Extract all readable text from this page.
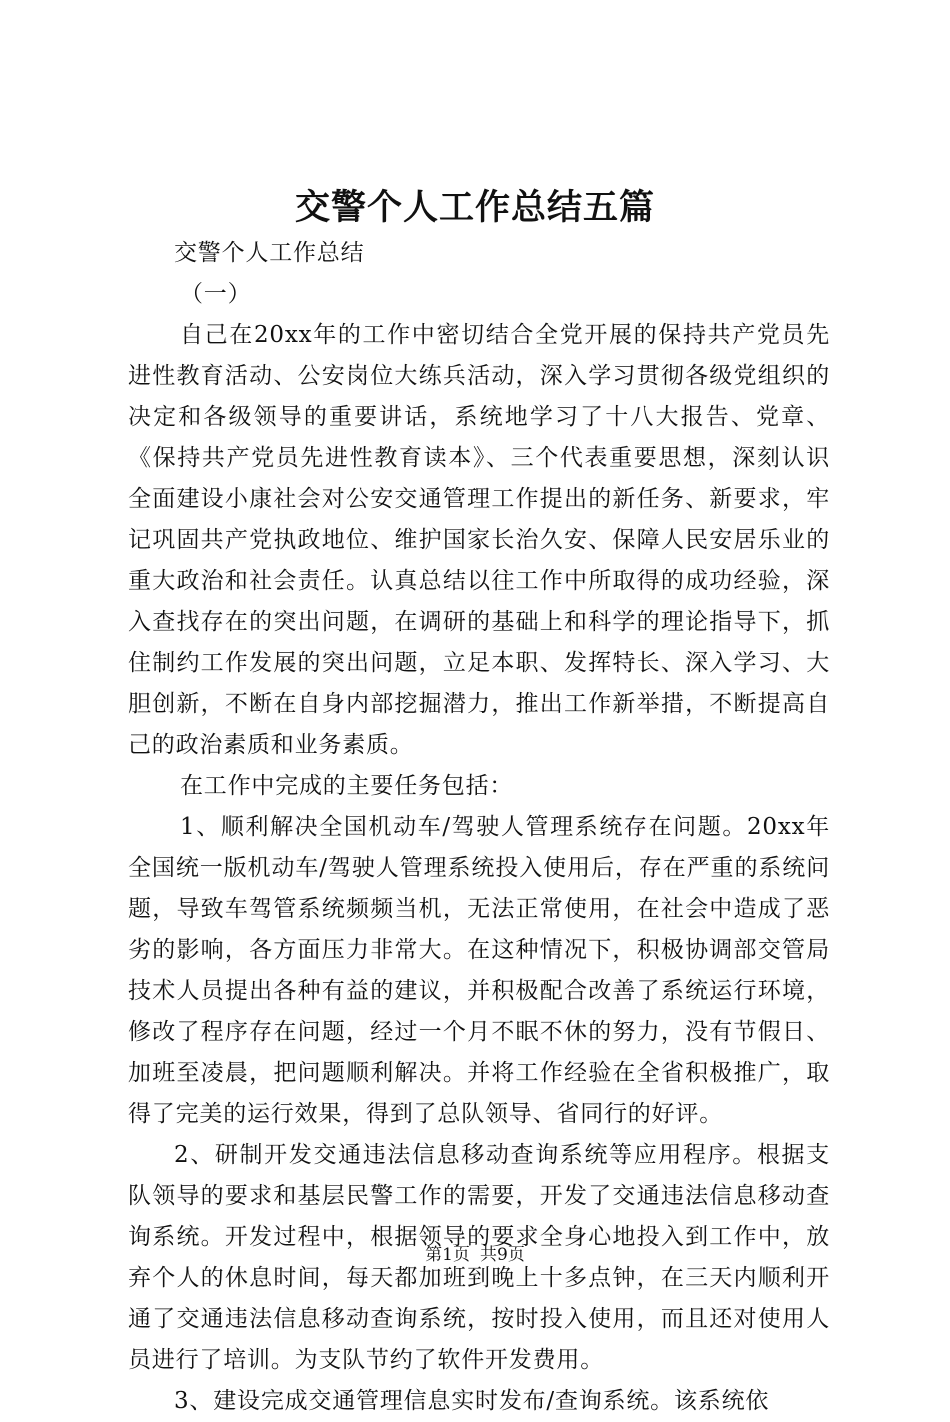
交警个人工作总结五篇

交警个人工作总结

（一）

自己在20xx年的工作中密切结合全党开展的保持共产党员先进性教育活动、公安岗位大练兵活动，深入学习贯彻各级党组织的决定和各级领导的重要讲话，系统地学习了十八大报告、党章、《保持共产党员先进性教育读本》、三个代表重要思想，深刻认识全面建设小康社会对公安交通管理工作提出的新任务、新要求，牢记巩固共产党执政地位、维护国家长治久安、保障人民安居乐业的重大政治和社会责任。认真总结以往工作中所取得的成功经验，深入查找存在的突出问题，在调研的基础上和科学的理论指导下，抓住制约工作发展的突出问题，立足本职、发挥特长、深入学习、大胆创新，不断在自身内部挖掘潜力，推出工作新举措，不断提高自己的政治素质和业务素质。

在工作中完成的主要任务包括：

1、顺利解决全国机动车/驾驶人管理系统存在问题。20xx年全国统一版机动车/驾驶人管理系统投入使用后，存在严重的系统问题，导致车驾管系统频频当机，无法正常使用，在社会中造成了恶劣的影响，各方面压力非常大。在这种情况下，积极协调部交管局技术人员提出各种有益的建议，并积极配合改善了系统运行环境，修改了程序存在问题，经过一个月不眠不休的努力，没有节假日、加班至凌晨，把问题顺利解决。并将工作经验在全省积极推广，取得了完美的运行效果，得到了总队领导、省同行的好评。

2、研制开发交通违法信息移动查询系统等应用程序。根据支队领导的要求和基层民警工作的需要，开发了交通违法信息移动查询系统。开发过程中，根据领导的要求全身心地投入到工作中，放弃个人的休息时间，每天都加班到晚上十多点钟，在三天内顺利开通了交通违法信息移动查询系统，按时投入使用，而且还对使用人员进行了培训。为支队节约了软件开发费用。

3、建设完成交通管理信息实时发布/查询系统。该系统依

第1页 共9页
